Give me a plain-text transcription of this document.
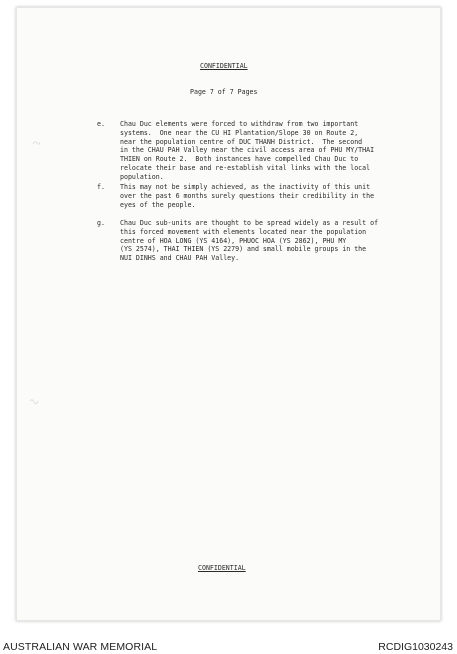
CONFIDENTIAL
Page 7 of 7 Pages
e. Chau Duc elements were forced to withdraw from two important
systems.  One near the CU HI Plantation/Slope 30 on Route 2,
near the population centre of DUC THANH District.  The second
in the CHAU PAH Valley near the civil access area of PHU MY/THAI
THIEN on Route 2.  Both instances have compelled Chau Duc to
relocate their base and re-establish vital links with the local
population.
f. This may not be simply achieved, as the inactivity of this unit
over the past 6 months surely questions their credibility in the
eyes of the people.
g. Chau Duc sub-units are thought to be spread widely as a result of
this forced movement with elements located near the population
centre of HOA LONG (YS 4164), PHUOC HOA (YS 2862), PHU MY
(YS 2574), THAI THIEN (YS 2279) and small mobile groups in the
NUI DINHS and CHAU PAH Valley.
CONFIDENTIAL
AUSTRALIAN WAR MEMORIAL	RCDIG1030243
